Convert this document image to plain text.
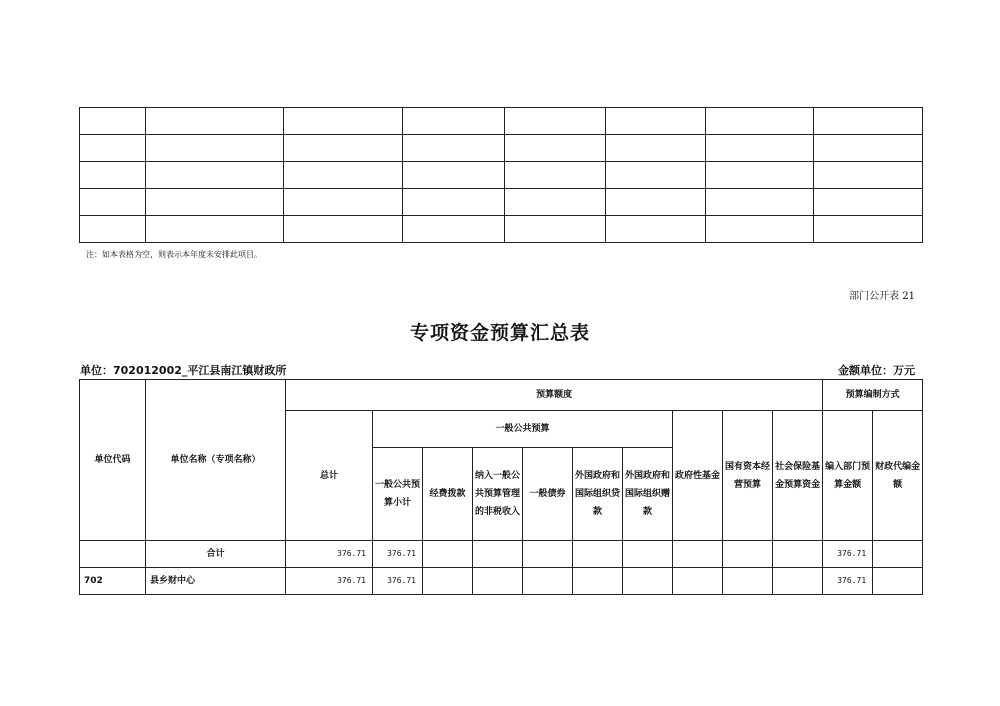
注：如本表格为空，则表示本年度未安排此项目。
部门公开表 21
专项资金预算汇总表
单位：702012002_平江县南江镇财政所	金额单位：万元
单位代码	单位名称（专项名称）	预算额度										预算编制方式	
		总计	一般公共预算						政府性基金	国有资本经营预算	社会保险基金预算资金	编入部门预算金额	财政代编金额
			一般公共预算小计	经费拨款	纳入一般公共预算管理的非税收入	一般债券	外国政府和国际组织贷款	外国政府和国际组织赠款					
	合计	376.71	376.71									376.71	
702	县乡财中心	376.71	376.71									376.71	
